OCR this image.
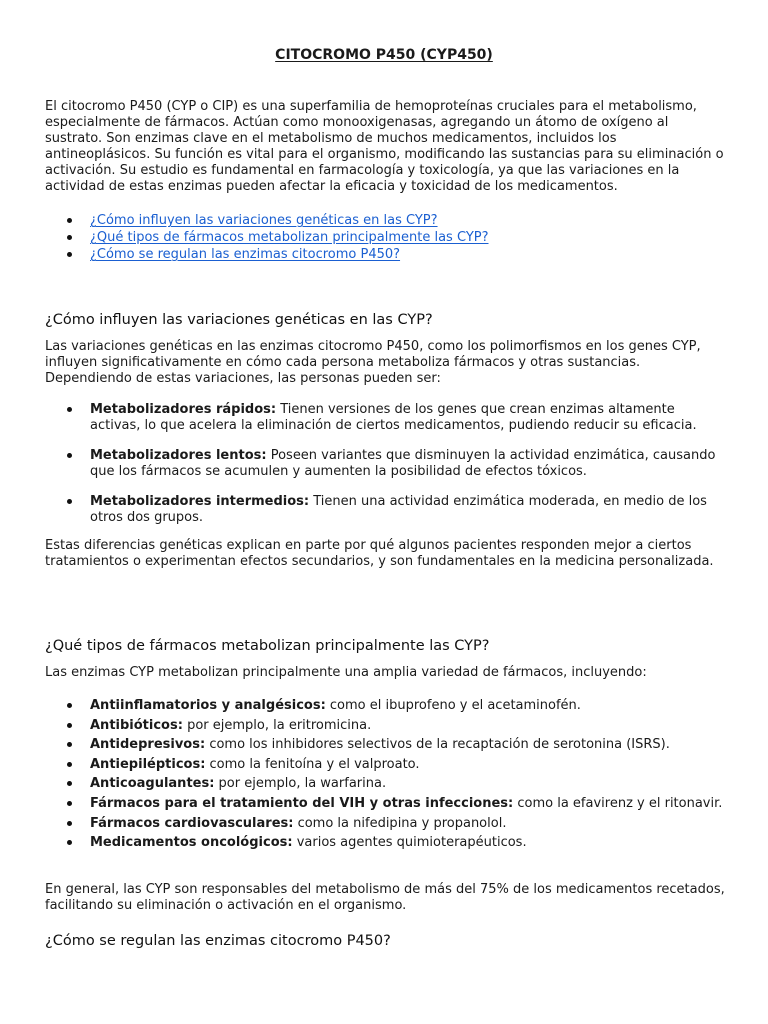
CITOCROMO P450 (CYP450)

El citocromo P450 (CYP o CIP) es una superfamilia de hemoproteínas cruciales para el metabolismo, especialmente de fármacos. Actúan como monooxigenasas, agregando un átomo de oxígeno al sustrato. Son enzimas clave en el metabolismo de muchos medicamentos, incluidos los antineoplásicos. Su función es vital para el organismo, modificando las sustancias para su eliminación o activación. Su estudio es fundamental en farmacología y toxicología, ya que las variaciones en la actividad de estas enzimas pueden afectar la eficacia y toxicidad de los medicamentos.

¿Cómo influyen las variaciones genéticas en las CYP?
¿Qué tipos de fármacos metabolizan principalmente las CYP?
¿Cómo se regulan las enzimas citocromo P450?
¿Cómo influyen las variaciones genéticas en las CYP?

Las variaciones genéticas en las enzimas citocromo P450, como los polimorfismos en los genes CYP, influyen significativamente en cómo cada persona metaboliza fármacos y otras sustancias. Dependiendo de estas variaciones, las personas pueden ser:

Metabolizadores rápidos: Tienen versiones de los genes que crean enzimas altamente activas, lo que acelera la eliminación de ciertos medicamentos, pudiendo reducir su eficacia.
Metabolizadores lentos: Poseen variantes que disminuyen la actividad enzimática, causando que los fármacos se acumulen y aumenten la posibilidad de efectos tóxicos.
Metabolizadores intermedios: Tienen una actividad enzimática moderada, en medio de los otros dos grupos.

Estas diferencias genéticas explican en parte por qué algunos pacientes responden mejor a ciertos tratamientos o experimentan efectos secundarios, y son fundamentales en la medicina personalizada.

¿Qué tipos de fármacos metabolizan principalmente las CYP?

Las enzimas CYP metabolizan principalmente una amplia variedad de fármacos, incluyendo:

Antiinflamatorios y analgésicos: como el ibuprofeno y el acetaminofén.
Antibióticos: por ejemplo, la eritromicina.
Antidepresivos: como los inhibidores selectivos de la recaptación de serotonina (ISRS).
Antiepilépticos: como la fenitoína y el valproato.
Anticoagulantes: por ejemplo, la warfarina.
Fármacos para el tratamiento del VIH y otras infecciones: como la efavirenz y el ritonavir.
Fármacos cardiovasculares: como la nifedipina y propanolol.
Medicamentos oncológicos: varios agentes quimioterapéuticos.

En general, las CYP son responsables del metabolismo de más del 75% de los medicamentos recetados, facilitando su eliminación o activación en el organismo.

¿Cómo se regulan las enzimas citocromo P450?
